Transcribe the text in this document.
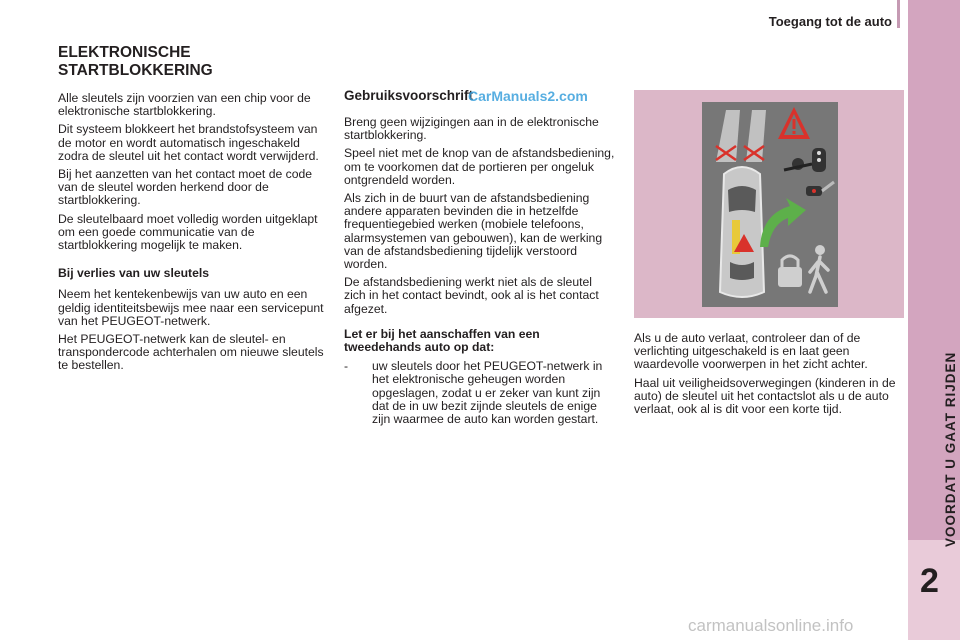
Toegang tot de auto
VOORDAT U GAAT RIJDEN
2
ELEKTRONISCHE STARTBLOKKERING

Alle sleutels zijn voorzien van een chip voor de elektronische startblokkering.

Dit systeem blokkeert het brandstofsysteem van de motor en wordt automatisch ingeschakeld zodra de sleutel uit het contact wordt verwijderd.

Bij het aanzetten van het contact moet de code van de sleutel worden herkend door de startblokkering.

De sleutelbaard moet volledig worden uitgeklapt om een goede communicatie van de startblokkering mogelijk te maken.

Bij verlies van uw sleutels

Neem het kentekenbewijs van uw auto en een geldig identiteitsbewijs mee naar een servicepunt van het PEUGEOT-netwerk.

Het PEUGEOT-netwerk kan de sleutel- en transpondercode achterhalen om nieuwe sleutels te bestellen.

Gebruiksvoorschrift

Breng geen wijzigingen aan in de elektronische startblokkering.

Speel niet met de knop van de afstandsbediening, om te voorkomen dat de portieren per ongeluk ontgrendeld worden.

Als zich in de buurt van de afstandsbediening andere apparaten bevinden die in hetzelfde frequentiegebied werken (mobiele telefoons, alarmsystemen van gebouwen), kan de werking van de afstandsbediening tijdelijk verstoord worden.

De afstandsbediening werkt niet als de sleutel zich in het contact bevindt, ook al is het contact afgezet.

Let er bij het aanschaffen van een tweedehands auto op dat:

-	uw sleutels door het PEUGEOT-netwerk in het elektronische geheugen worden opgeslagen, zodat u er zeker van kunt zijn dat de in uw bezit zijnde sleutels de enige zijn waarmee de auto kan worden gestart.

Als u de auto verlaat, controleer dan of de verlichting uitgeschakeld is en laat geen waardevolle voorwerpen in het zicht achter.

Haal uit veiligheidsoverwegingen (kinderen in de auto) de sleutel uit het contactslot als u de auto verlaat, ook al is dit voor een korte tijd.

CarManuals2.com
carmanualsonline.info
